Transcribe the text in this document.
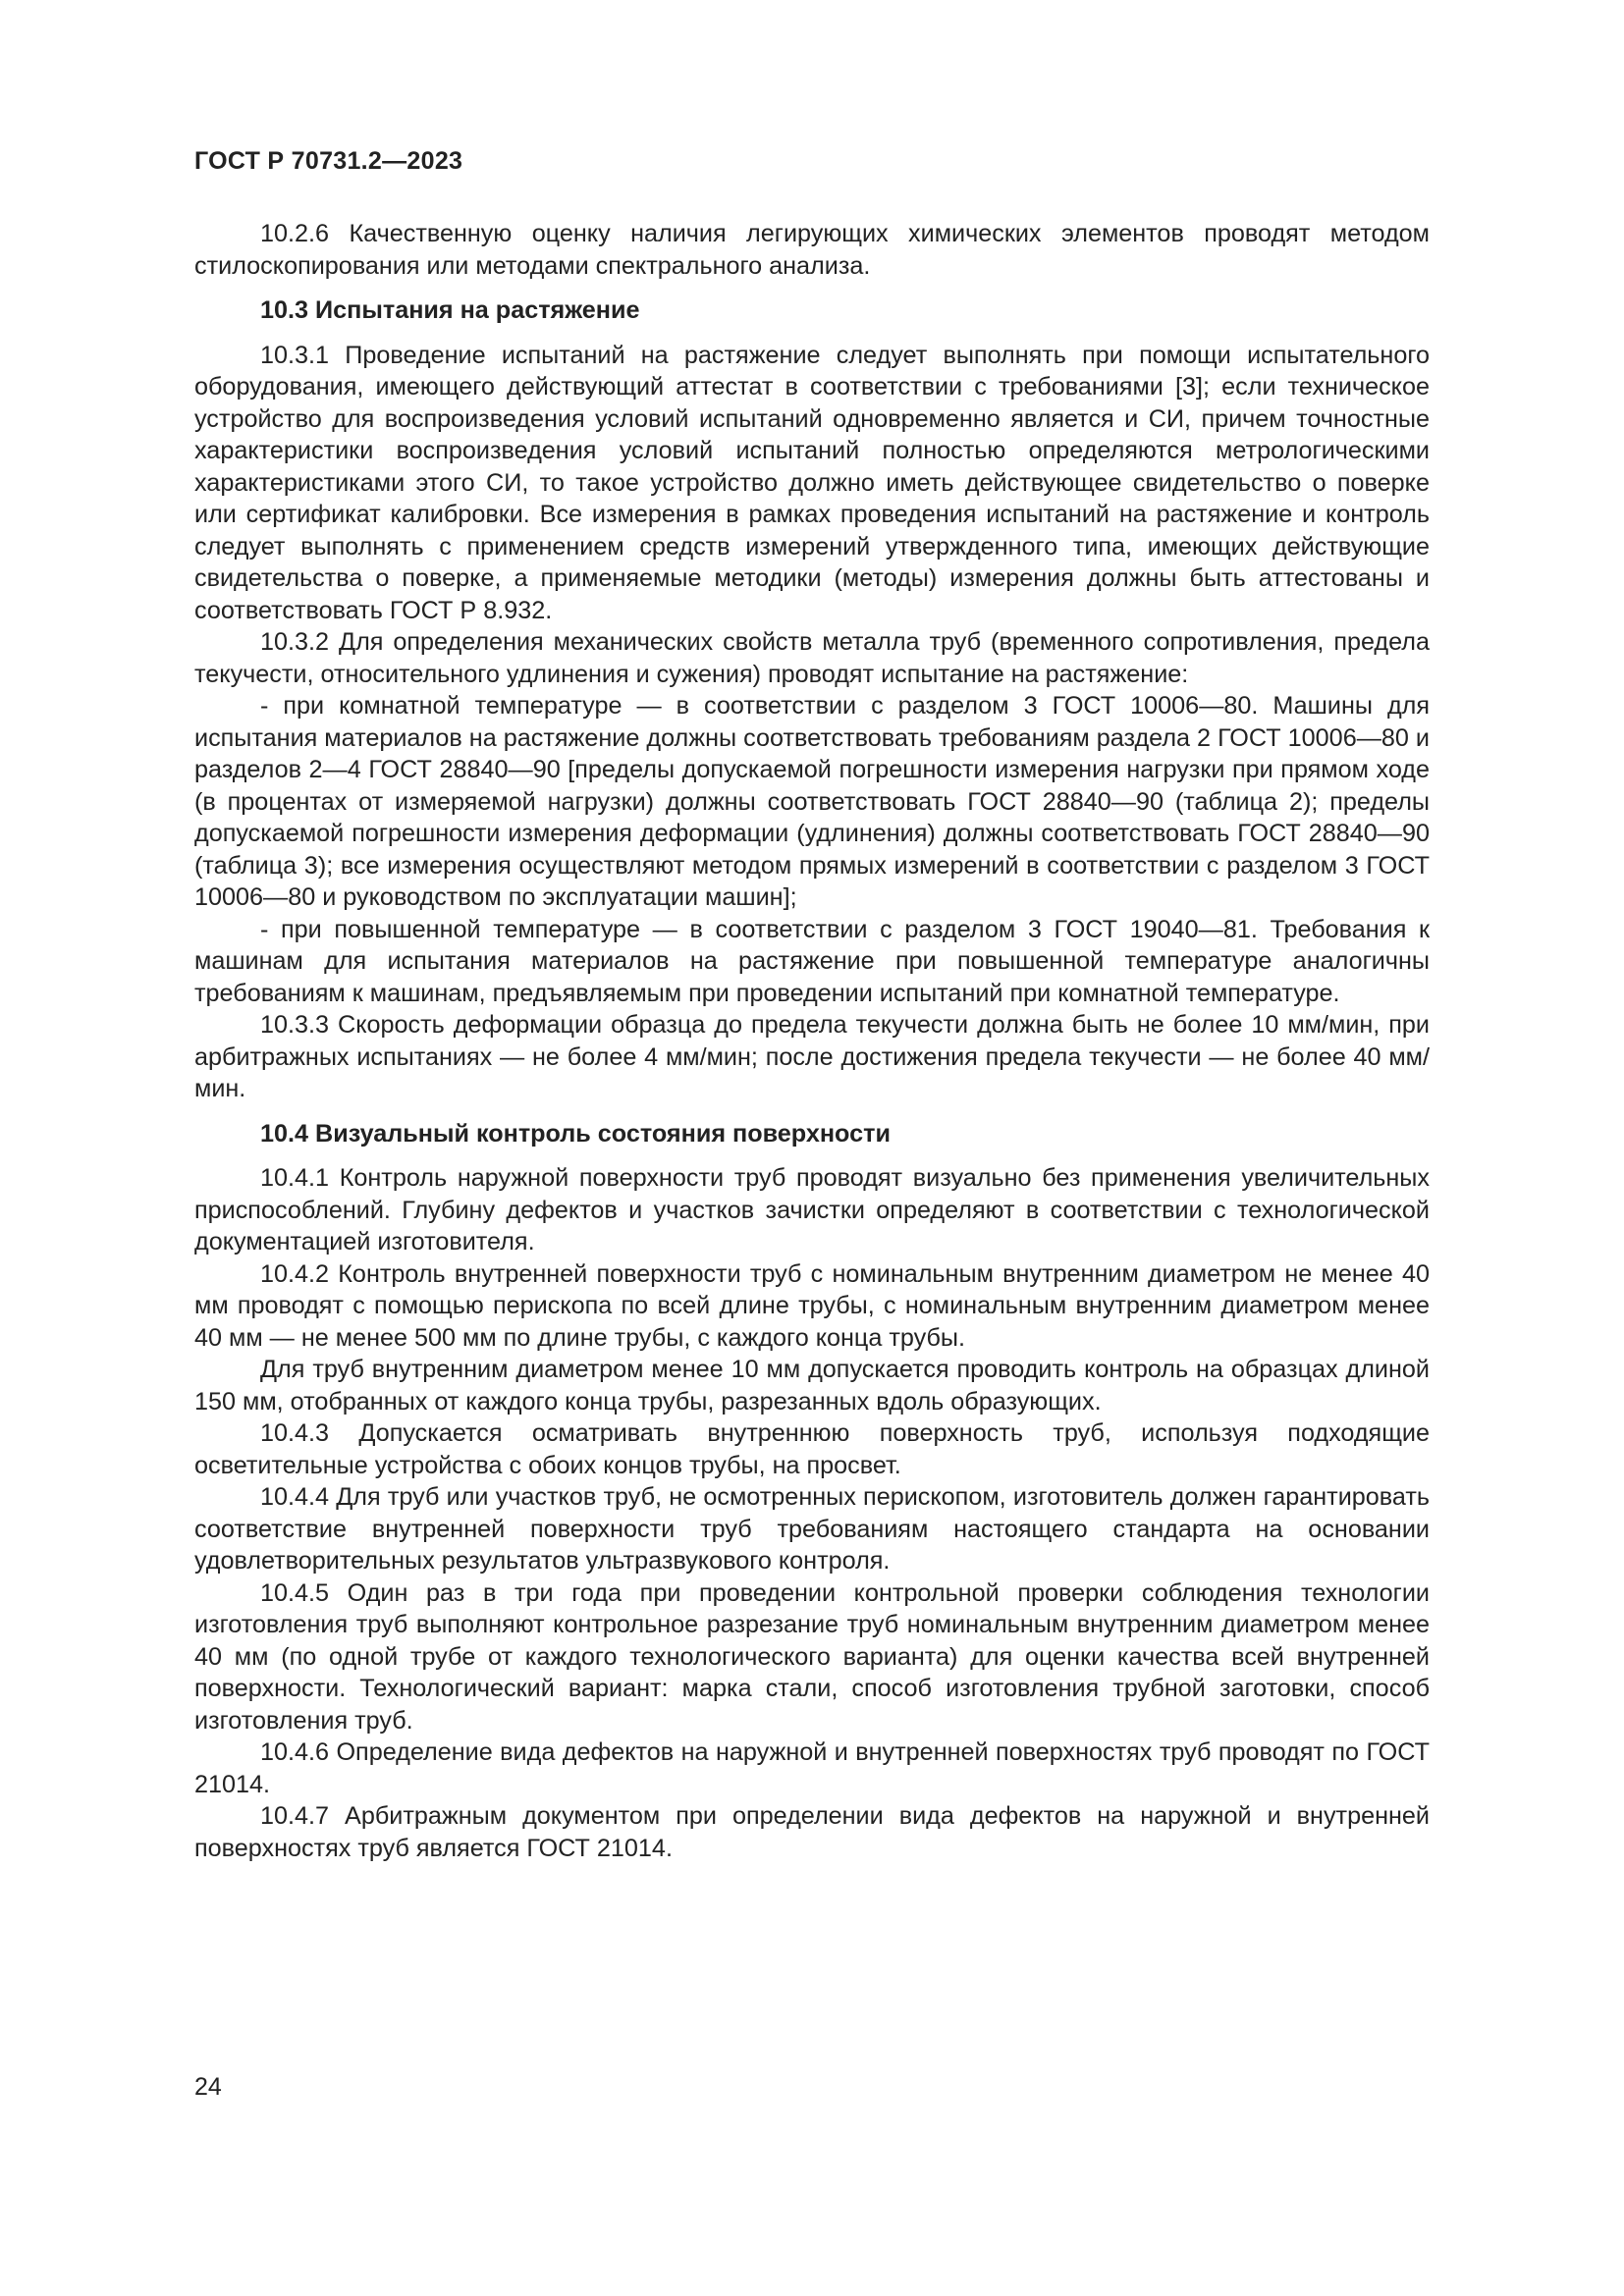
ГОСТ Р 70731.2—2023

10.2.6 Качественную оценку наличия легирующих химических элементов проводят методом стилоскопирования или методами спектрального анализа.

10.3 Испытания на растяжение

10.3.1 Проведение испытаний на растяжение следует выполнять при помощи испытательного оборудования, имеющего действующий аттестат в соответствии с требованиями [3]; если техническое устройство для воспроизведения условий испытаний одновременно является и СИ, причем точностные характеристики воспроизведения условий испытаний полностью определяются метрологическими характеристиками этого СИ, то такое устройство должно иметь действующее свидетельство о поверке или сертификат калибровки. Все измерения в рамках проведения испытаний на растяжение и контроль следует выполнять с применением средств измерений утвержденного типа, имеющих действующие свидетельства о поверке, а применяемые методики (методы) измерения должны быть аттестованы и соответствовать ГОСТ Р 8.932.

10.3.2 Для определения механических свойств металла труб (временного сопротивления, предела текучести, относительного удлинения и сужения) проводят испытание на растяжение:

- при комнатной температуре — в соответствии с разделом 3 ГОСТ 10006—80. Машины для испытания материалов на растяжение должны соответствовать требованиям раздела 2 ГОСТ 10006—80 и разделов 2—4 ГОСТ 28840—90 [пределы допускаемой погрешности измерения нагрузки при прямом ходе (в процентах от измеряемой нагрузки) должны соответствовать ГОСТ 28840—90 (таблица 2); пределы допускаемой погрешности измерения деформации (удлинения) должны соответствовать ГОСТ 28840—90 (таблица 3); все измерения осуществляют методом прямых измерений в соответствии с разделом 3 ГОСТ 10006—80 и руководством по эксплуатации машин];

- при повышенной температуре — в соответствии с разделом 3 ГОСТ 19040—81. Требования к машинам для испытания материалов на растяжение при повышенной температуре аналогичны требованиям к машинам, предъявляемым при проведении испытаний при комнатной температуре.

10.3.3 Скорость деформации образца до предела текучести должна быть не более 10 мм/мин, при арбитражных испытаниях — не более 4 мм/мин; после достижения предела текучести — не более 40 мм/мин.

10.4 Визуальный контроль состояния поверхности

10.4.1 Контроль наружной поверхности труб проводят визуально без применения увеличительных приспособлений. Глубину дефектов и участков зачистки определяют в соответствии с технологической документацией изготовителя.

10.4.2 Контроль внутренней поверхности труб с номинальным внутренним диаметром не менее 40 мм проводят с помощью перископа по всей длине трубы, с номинальным внутренним диаметром менее 40 мм — не менее 500 мм по длине трубы, с каждого конца трубы.

Для труб внутренним диаметром менее 10 мм допускается проводить контроль на образцах длиной 150 мм, отобранных от каждого конца трубы, разрезанных вдоль образующих.

10.4.3 Допускается осматривать внутреннюю поверхность труб, используя подходящие осветительные устройства с обоих концов трубы, на просвет.

10.4.4 Для труб или участков труб, не осмотренных перископом, изготовитель должен гарантировать соответствие внутренней поверхности труб требованиям настоящего стандарта на основании удовлетворительных результатов ультразвукового контроля.

10.4.5 Один раз в три года при проведении контрольной проверки соблюдения технологии изготовления труб выполняют контрольное разрезание труб номинальным внутренним диаметром менее 40 мм (по одной трубе от каждого технологического варианта) для оценки качества всей внутренней поверхности. Технологический вариант: марка стали, способ изготовления трубной заготовки, способ изготовления труб.

10.4.6 Определение вида дефектов на наружной и внутренней поверхностях труб проводят по ГОСТ 21014.

10.4.7 Арбитражным документом при определении вида дефектов на наружной и внутренней поверхностях труб является ГОСТ 21014.

24
